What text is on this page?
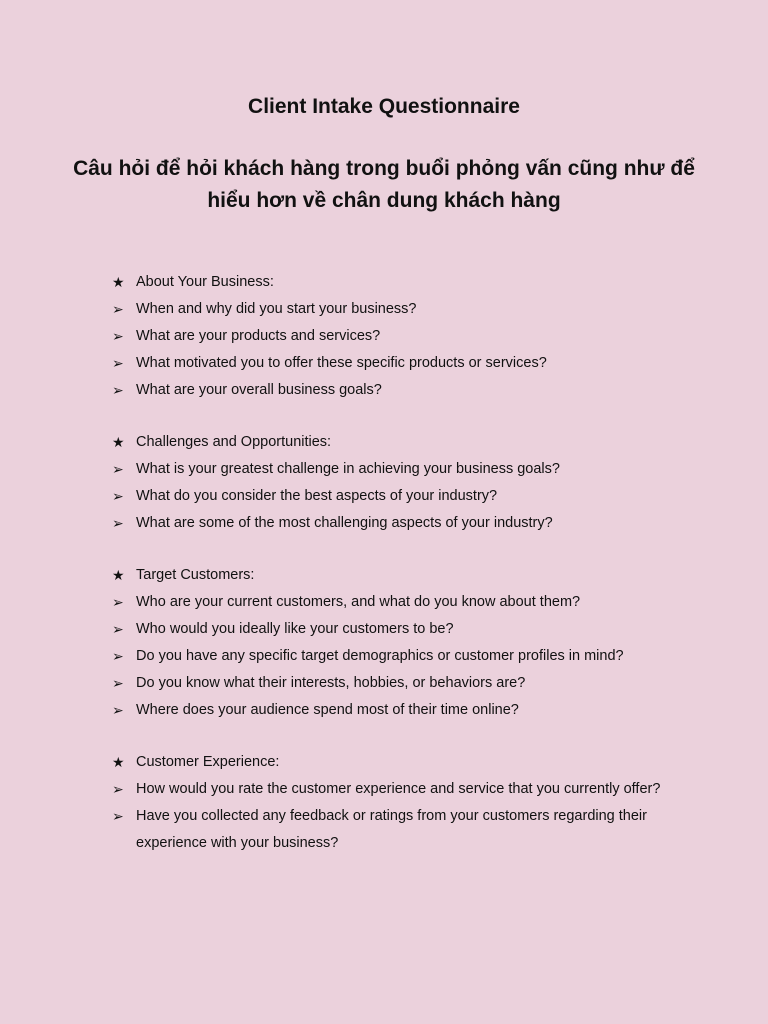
Client Intake Questionnaire
Câu hỏi để hỏi khách hàng trong buổi phỏng vấn cũng như để hiểu hơn về chân dung khách hàng
★ About Your Business:
➢ When and why did you start your business?
➢ What are your products and services?
➢ What motivated you to offer these specific products or services?
➢ What are your overall business goals?
★ Challenges and Opportunities:
➢ What is your greatest challenge in achieving your business goals?
➢ What do you consider the best aspects of your industry?
➢ What are some of the most challenging aspects of your industry?
★ Target Customers:
➢ Who are your current customers, and what do you know about them?
➢ Who would you ideally like your customers to be?
➢ Do you have any specific target demographics or customer profiles in mind?
➢ Do you know what their interests, hobbies, or behaviors are?
➢ Where does your audience spend most of their time online?
★ Customer Experience:
➢ How would you rate the customer experience and service that you currently offer?
➢ Have you collected any feedback or ratings from your customers regarding their experience with your business?
